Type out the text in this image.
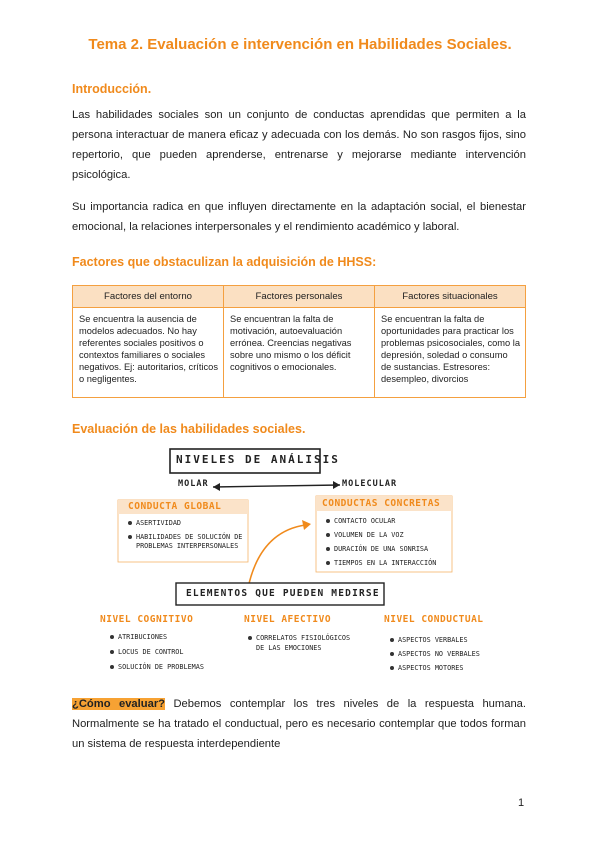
Tema 2. Evaluación e intervención en Habilidades Sociales.
Introducción.

Las habilidades sociales son un conjunto de conductas aprendidas que permiten a la persona interactuar de manera eficaz y adecuada con los demás. No son rasgos fijos, sino repertorio, que pueden aprenderse, entrenarse y mejorarse mediante intervención psicológica.

Su importancia radica en que influyen directamente en la adaptación social, el bienestar emocional, la relaciones interpersonales y el rendimiento académico y laboral.

Factores que obstaculizan la adquisición de HHSS:
Factores del entorno	Factores personales	Factores situacionales
Se encuentra la ausencia de modelos adecuados. No hay referentes sociales positivos o contextos familiares o sociales negativos. Ej: autoritarios, críticos o negligentes.	Se encuentran la falta de motivación, autoevaluación errónea. Creencias negativas sobre uno mismo o los déficit cognitivos o emocionales.	Se encuentran la falta de oportunidades para practicar los problemas psicosociales, como la depresión, soledad o consumo de sustancias. Estresores: desempleo, divorcios
Evaluación de las habilidades sociales.
NIVELES DE ANÁLISIS
MOLAR	MOLECULAR
CONDUCTA GLOBAL
ASERTIVIDAD
HABILIDADES DE SOLUCIÓN DE
PROBLEMAS INTERPERSONALES
CONDUCTAS CONCRETAS
CONTACTO OCULAR
VOLUMEN DE LA VOZ
DURACIÓN DE UNA SONRISA
TIEMPOS EN LA INTERACCIÓN
ELEMENTOS QUE PUEDEN MEDIRSE
NIVEL COGNITIVO
ATRIBUCIONES
LOCUS DE CONTROL
SOLUCIÓN DE PROBLEMAS
NIVEL AFECTIVO
CORRELATOS FISIOLÓGICOS
DE LAS EMOCIONES
NIVEL CONDUCTUAL
ASPECTOS VERBALES
ASPECTOS NO VERBALES
ASPECTOS MOTORES
¿Cómo evaluar? Debemos contemplar los tres niveles de la respuesta humana. Normalmente se ha tratado el conductual, pero es necesario contemplar que todos forman un sistema de respuesta interdependiente
1
